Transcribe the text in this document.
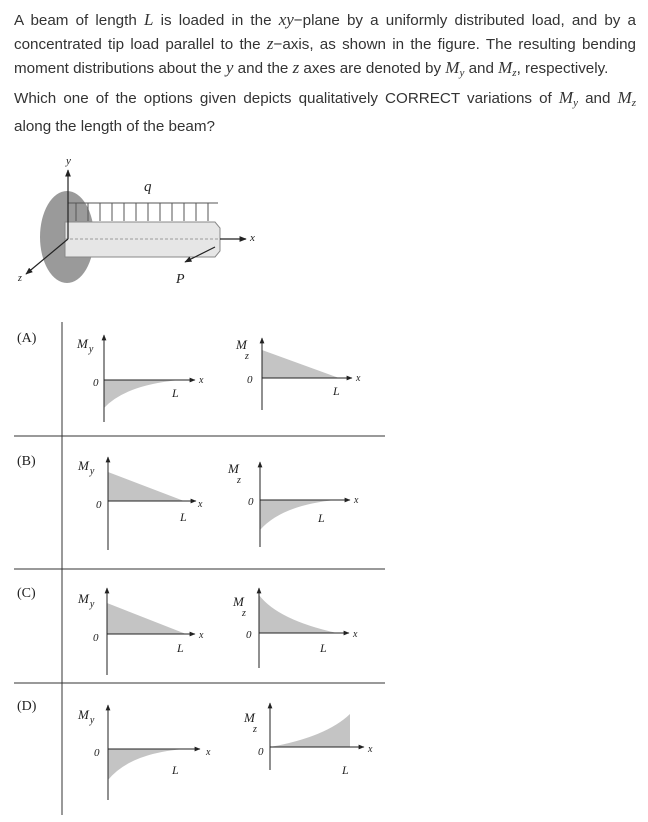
A beam of length L is loaded in the xy−plane by a uniformly distributed load, and by a concentrated tip load parallel to the z−axis, as shown in the figure. The resulting bending moment distributions about the y and the z axes are denoted by $M_y$ and $M_z$, respectively.

Which one of the options given depicts qualitatively CORRECT variations of $M_y$ and $M_z$ along the length of the beam?

y
x
z
q
P
(A)	$M_y$
0
L
x
M z
0
L
x
(B)	$M_y$
0
L
x
M z
0
L
x
(C)	$M_y$
0
L
x
M z
0
L
x
(D)
$M_y$
0
L
x
M z
0
L
x
